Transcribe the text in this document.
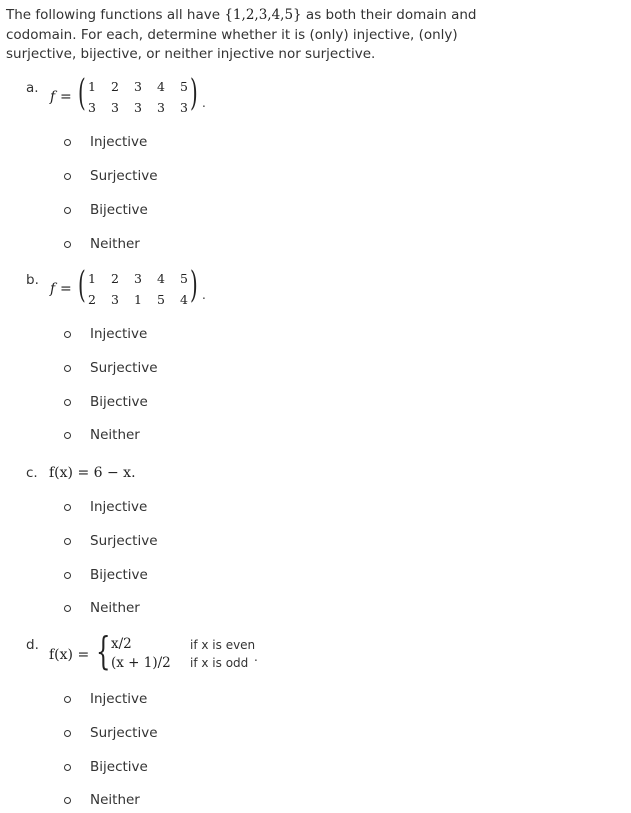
The following functions all have {1,2,3,4,5} as both their domain and codomain. For each, determine whether it is (only) injective, (only) surjective, bijective, or neither injective nor surjective.
a.
f = ( 1 2 3 4 5
3 3 3 3 3 ) .
Injective
Surjective
Bijective
Neither
b.
f = ( 1 2 3 4 5
2 3 1 5 4 ) .
Injective
Surjective
Bijective
Neither
c. f(x) = 6 − x.
Injective
Surjective
Bijective
Neither
d.
f(x) = { x/2	if x is even
(x + 1)/2 if x is odd .
Injective
Surjective
Bijective
Neither
